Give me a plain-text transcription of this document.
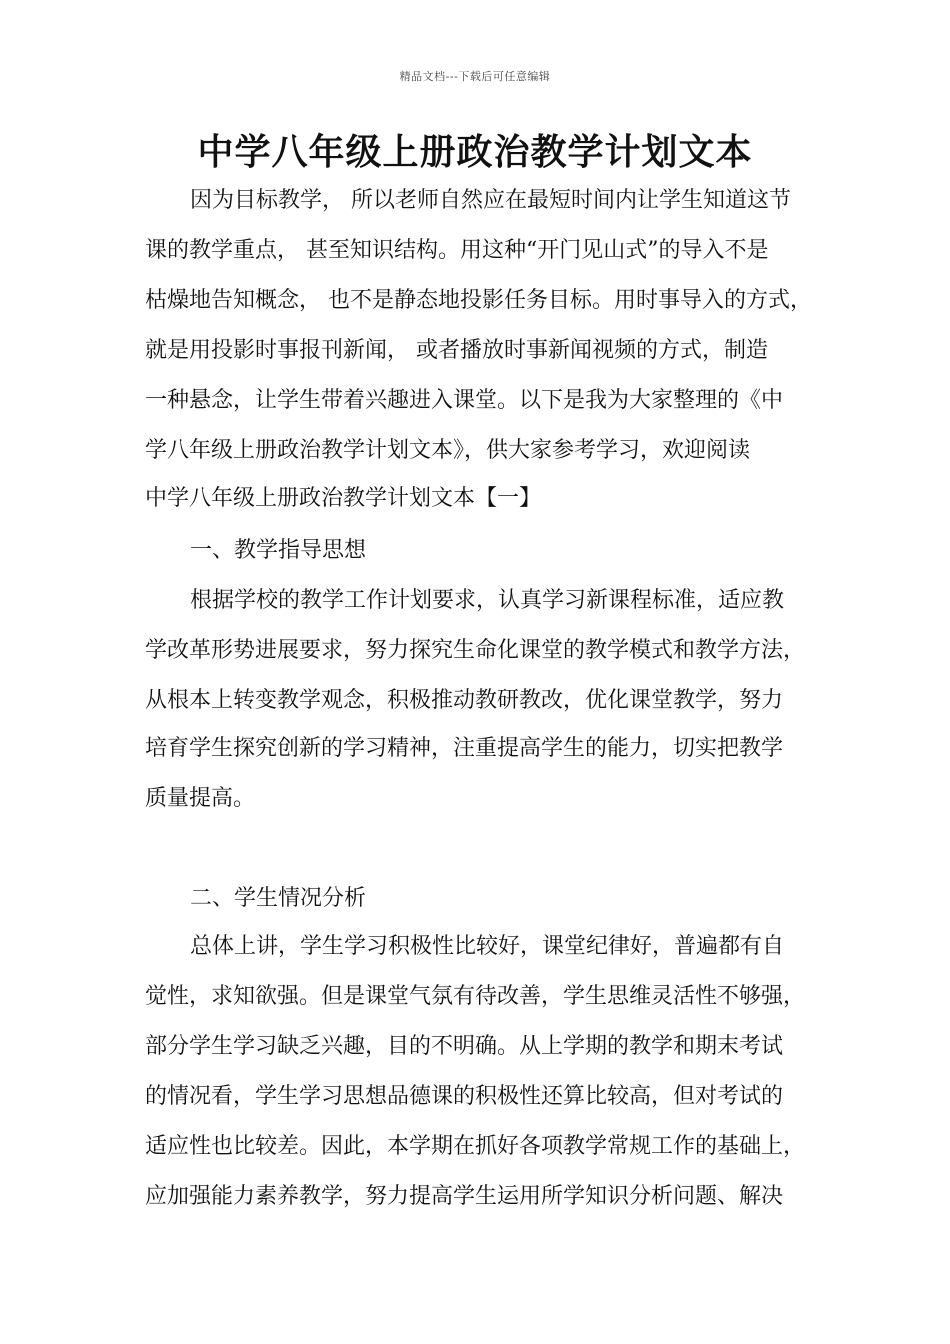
精品文档---下载后可任意编辑
中学八年级上册政治教学计划文本
因为目标教学， 所以老师自然应在最短时间内让学生知道这节
课的教学重点， 甚至知识结构。用这种“开门见山式”的导入不是
枯燥地告知概念， 也不是静态地投影任务目标。用时事导入的方式，
就是用投影时事报刊新闻， 或者播放时事新闻视频的方式，制造
一种悬念，让学生带着兴趣进入课堂。以下是我为大家整理的《中
学八年级上册政治教学计划文本》，供大家参考学习，欢迎阅读
中学八年级上册政治教学计划文本【一】
一、教学指导思想
根据学校的教学工作计划要求，认真学习新课程标准，适应教
学改革形势进展要求，努力探究生命化课堂的教学模式和教学方法，
从根本上转变教学观念，积极推动教研教改，优化课堂教学，努力
培育学生探究创新的学习精神，注重提高学生的能力，切实把教学
质量提高。
二、学生情况分析
总体上讲，学生学习积极性比较好，课堂纪律好，普遍都有自
觉性，求知欲强。但是课堂气氛有待改善，学生思维灵活性不够强，
部分学生学习缺乏兴趣，目的不明确。从上学期的教学和期末考试
的情况看，学生学习思想品德课的积极性还算比较高，但对考试的
适应性也比较差。因此，本学期在抓好各项教学常规工作的基础上，
应加强能力素养教学，努力提高学生运用所学知识分析问题、解决
